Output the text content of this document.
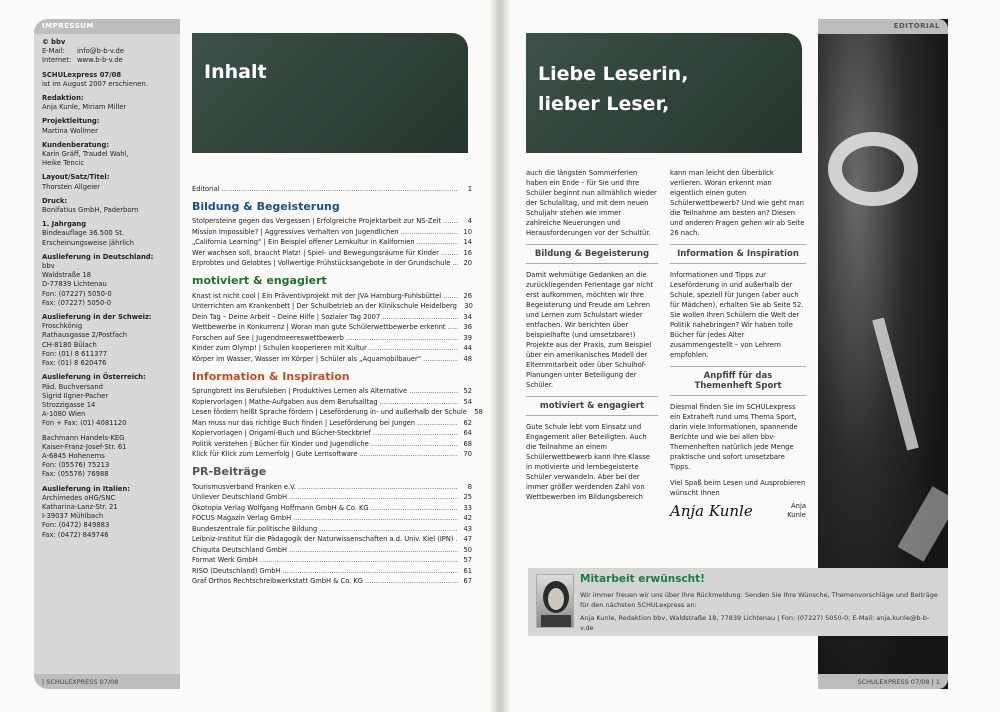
IMPRESSUM
© bbv
E-Mail:	info@b-b-v.de
Internet: www.b-b-v.de
SCHULexpress 07/08
ist im August 2007 erschienen.
Redaktion:
Anja Kunle, Miriam Miller
Projektleitung:
Martina Wollmer
Kundenberatung:
Karin Gräff, Traudel Wahl,
Heike Tencic
Layout/Satz/Titel:
Thorsten Allgeier
Druck:
Bonifatius GmbH, Paderborn
1. Jahrgang
Bindeauflage 36.500 St.
Erscheinungsweise jährlich
Auslieferung in Deutschland:
bbv
Waldstraße 18
D-77839 Lichtenau
Fon: (07227) 5050-0
Fax: (07227) 5050-0
Auslieferung in der Schweiz:
Froschkönig
Rathausgasse 2/Postfach
CH-8180 Bülach
Fon: (01) 8 611377
Fax: (01) 8 620476
Auslieferung in Österreich:
Päd. Buchversand
Sigrid Ilgner-Pacher
Strozzigasse 14
A-1080 Wien
Fon + Fax: (01) 4081120
Bachmann Handels-KEG
Kaiser-Franz-Josef-Str. 61
A-6845 Hohenems
Fon: (05576) 75213
Fax: (05576) 76988
Auslieferung in Italien:
Archimedes oHG/SNC
Katharina-Lanz-Str. 21
I-39037 Mühlbach
Fon: (0472) 849883
Fax: (0472) 849746
| SCHULEXPRESS 07/08
Inhalt
Editorial .....	1
Bildung & Begeisterung
Stolpersteine gegen das Vergessen | Erfolgreiche Projektarbeit zur NS-Zeit .....	4
Mission Impossible? | Aggressives Verhalten von Jugendlichen .....	10
„California Learning“ | Ein Beispiel offener Lernkultur in Kalifornien .....	14
Wer wachsen soll, braucht Platz! | Spiel- und Bewegungsräume für Kinder .....	16
Erprobtes und Gelobtes | Vollwertige Frühstücksangebote in der Grundschule .....	20
motiviert & engagiert
Knast ist nicht cool | Ein Präventivprojekt mit der JVA Hamburg-Fuhlsbüttel .....	26
Unterrichten am Krankenbett | Der Schulbetrieb an der Klinikschule Heidelberg	30
Dein Tag – Deine Arbeit – Deine Hilfe | Sozialer Tag 2007 .....	34
Wettbewerbe in Konkurrenz | Woran man gute Schülerwettbewerbe erkennt .....	36
Forschen auf See | Jugendmeereswettbewerb .....	39
Kinder zum Olymp! | Schulen kooperieren mit Kultur .....	44
Körper im Wasser, Wasser im Körper | Schüler als „Aquamobilbauer“ .....	48
Information & Inspiration
Sprungbrett ins Berufsleben | Produktives Lernen als Alternative .....	52
Kopiervorlagen | Mathe-Aufgaben aus dem Berufsalltag .....	54
Lesen fördern heißt Sprache fördern | Leseförderung in- und außerhalb der Schule	58
Man muss nur das richtige Buch finden | Leseförderung bei Jungen .....	62
Kopiervorlagen | Origami-Buch und Bücher-Steckbrief .....	64
Politik verstehen | Bücher für Kinder und Jugendliche .....	68
Klick für Klick zum Lernerfolg | Gute Lernsoftware .....	70
PR-Beiträge
Tourismusverband Franken e.V. .....	8
Unilever Deutschland GmbH .....	25
Ökotopia Verlag Wolfgang Hoffmann GmbH & Co. KG .....	33
FOCUS Magazin Verlag GmbH .....	42
Bundeszentrale für politische Bildung .....	43
Leibniz-Institut für die Pädagogik der Naturwissenschaften a.d. Univ. Kiel (IPN) .....	47
Chiquita Deutschland GmbH .....	50
Format Werk GmbH .....	57
RISO (Deutschland) GmbH .....	61
Graf Orthos Rechtschreibwerkstatt GmbH & Co. KG .....	67
Liebe Leserin,
lieber Leser,
EDITORIAL
SCHULEXPRESS 07/08 | 1
auch die längsten Sommerferien haben ein Ende – für Sie und Ihre Schüler beginnt nun allmählich wieder der Schulalltag, und mit dem neuen Schuljahr stehen wie immer zahlreiche Neuerungen und Herausforderungen vor der Schultür.
Bildung & Begeisterung
Damit wehmütige Gedanken an die zurückliegenden Ferientage gar nicht erst aufkommen, möchten wir Ihre Begeisterung und Freude am Lehren und Lernen zum Schulstart wieder entfachen. Wir berichten über beispielhafte (und umsetzbare!) Projekte aus der Praxis, zum Beispiel über ein amerikanisches Modell der Elternmitarbeit oder über Schulhof-Planungen unter Beteiligung der Schüler.
motiviert & engagiert
Gute Schule lebt vom Einsatz und Engagement aller Beteiligten. Auch die Teilnahme an einem Schülerwettbewerb kann Ihre Klasse in motivierte und lernbegeisterte Schüler verwandeln. Aber bei der immer größer werdenden Zahl von Wettbewerben im Bildungsbereich
kann man leicht den Überblick verlieren. Woran erkennt man eigentlich einen guten Schülerwettbewerb? Und wie geht man die Teilnahme am besten an? Diesen und anderen Fragen gehen wir ab Seite 26 nach.
Information & Inspiration
Informationen und Tipps zur Leseförderung in und außerhalb der Schule, speziell für Jungen (aber auch für Mädchen), erhalten Sie ab Seite 52. Sie wollen Ihren Schülern die Welt der Politik nahebringen? Wir haben tolle Bücher für jedes Alter zusammengestellt – von Lehrern empfohlen.
Anpfiff für das
Themenheft Sport
Diesmal finden Sie im SCHULexpress ein Extraheft rund ums Thema Sport, darin viele Informationen, spannende Berichte und wie bei allen bbv-Themenheften natürlich jede Menge praktische und sofort umsetzbare Tipps.
Viel Spaß beim Lesen und Ausprobieren wünscht Ihnen
Anja Kunle	Anja
Kunle
Mitarbeit erwünscht!
Wir immer freuen wir uns über Ihre Rückmeldung: Senden Sie Ihre Wünsche, Themenvorschläge und Beiträge für den nächsten SCHULexpress an:
Anja Kunle, Redaktion bbv, Waldstraße 18, 77839 Lichtenau | Fon: (07227) 5050-0; E-Mail: anja.kunle@b-b-v.de
